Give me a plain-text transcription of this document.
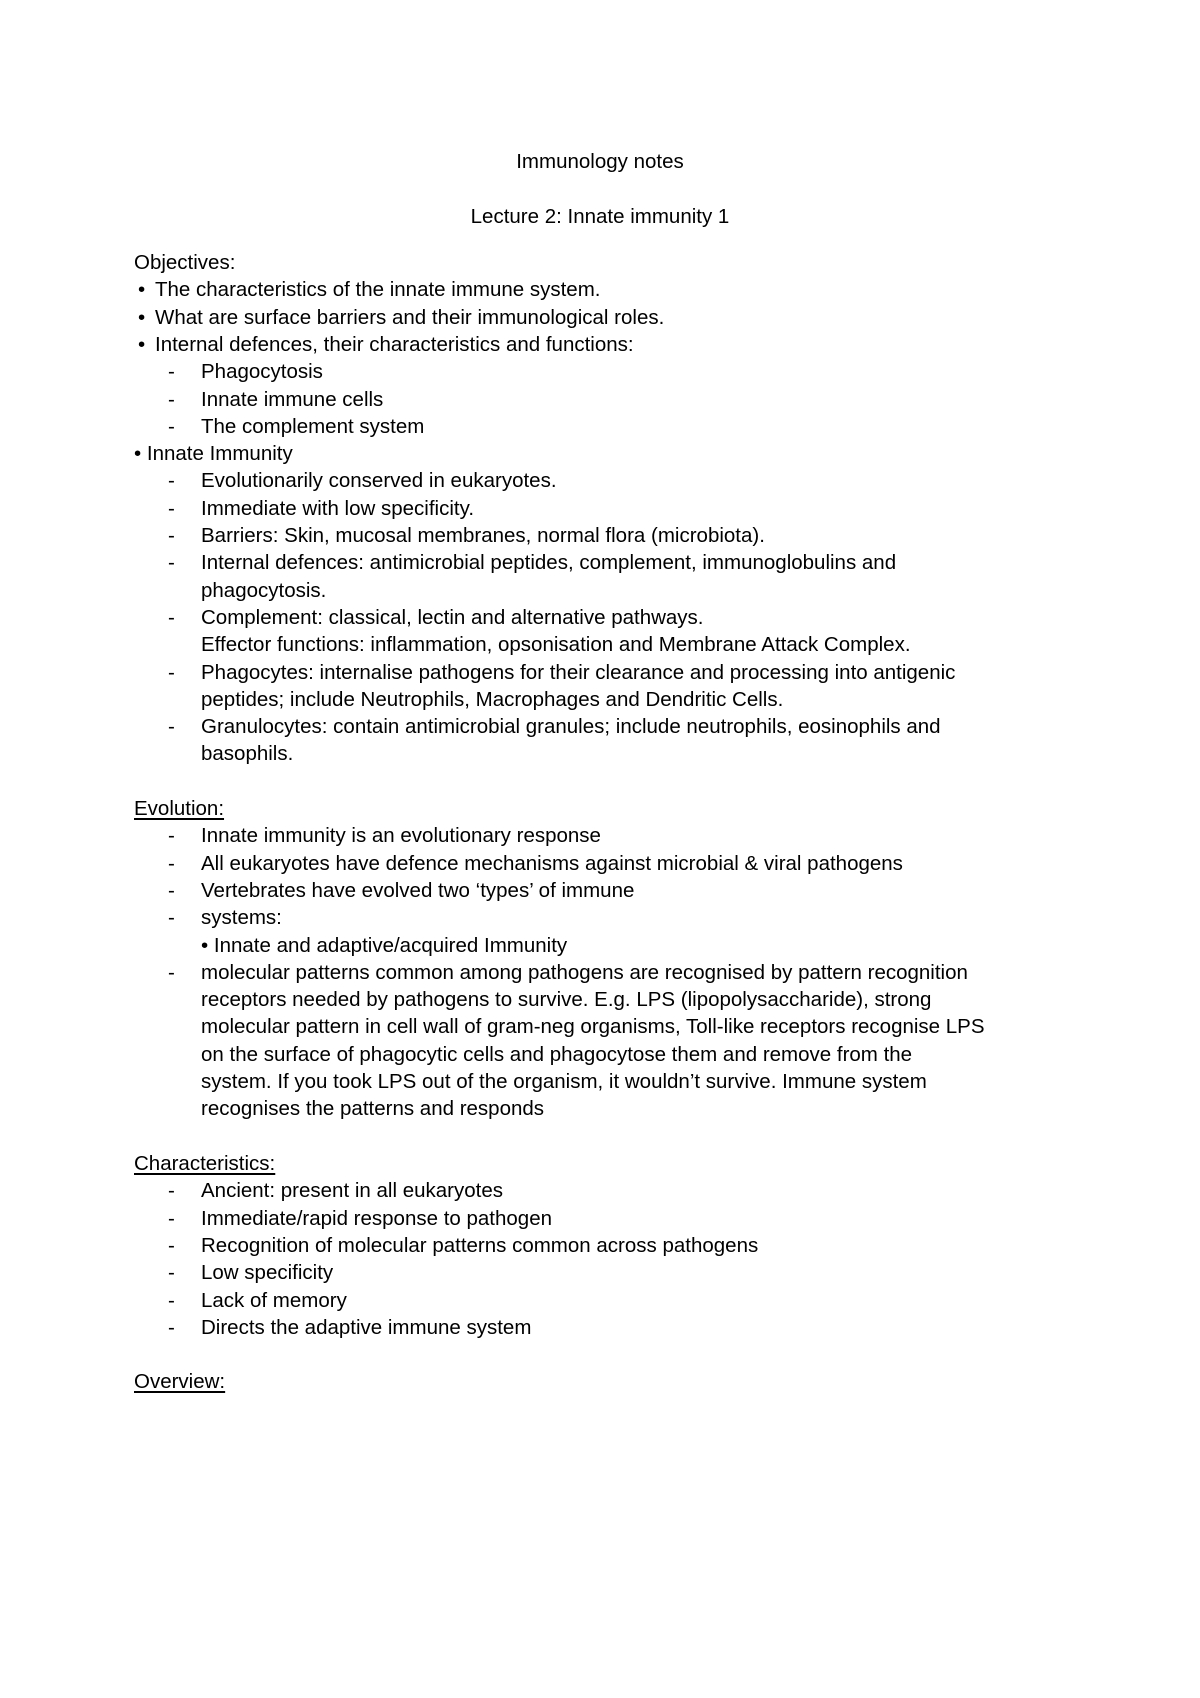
Immunology notes
Lecture 2: Innate immunity 1
Objectives:
• The characteristics of the innate immune system.
• What are surface barriers and their immunological roles.
• Internal defences, their characteristics and functions:
- Phagocytosis
- Innate immune cells
- The complement system
• Innate Immunity
- Evolutionarily conserved in eukaryotes.
- Immediate with low specificity.
- Barriers: Skin, mucosal membranes, normal flora (microbiota).
- Internal defences: antimicrobial peptides, complement, immunoglobulins and
phagocytosis.
- Complement: classical, lectin and alternative pathways.
Effector functions: inflammation, opsonisation and Membrane Attack Complex.
- Phagocytes: internalise pathogens for their clearance and processing into antigenic
peptides; include Neutrophils, Macrophages and Dendritic Cells.
- Granulocytes: contain antimicrobial granules; include neutrophils, eosinophils and
basophils.
Evolution:
- Innate immunity is an evolutionary response
- All eukaryotes have defence mechanisms against microbial & viral pathogens
- Vertebrates have evolved two ‘types’ of immune
- systems:
• Innate and adaptive/acquired Immunity
- molecular patterns common among pathogens are recognised by pattern recognition
receptors needed by pathogens to survive. E.g. LPS (lipopolysaccharide), strong
molecular pattern in cell wall of gram-neg organisms, Toll-like receptors recognise LPS
on the surface of phagocytic cells and phagocytose them and remove from the
system. If you took LPS out of the organism, it wouldn’t survive. Immune system
recognises the patterns and responds
Characteristics:
- Ancient: present in all eukaryotes
- Immediate/rapid response to pathogen
- Recognition of molecular patterns common across pathogens
- Low specificity
- Lack of memory
- Directs the adaptive immune system
Overview:
